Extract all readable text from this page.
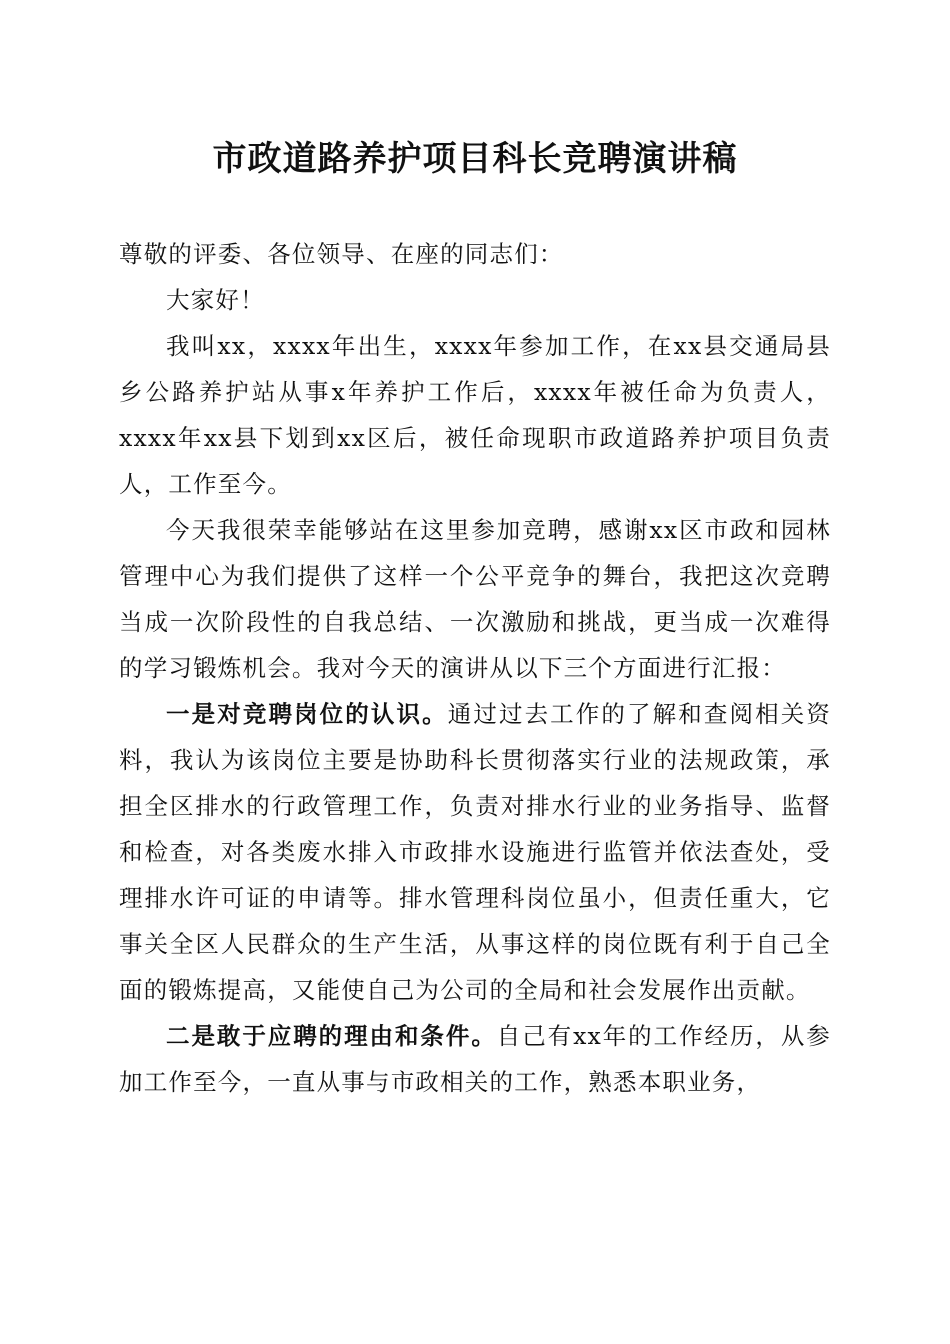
市政道路养护项目科长竞聘演讲稿

尊敬的评委、各位领导、在座的同志们：

大家好！

我叫xx，xxxx年出生，xxxx年参加工作，在xx县交通局县乡公路养护站从事x年养护工作后，xxxx年被任命为负责人，xxxx年xx县下划到xx区后，被任命现职市政道路养护项目负责人，工作至今。

今天我很荣幸能够站在这里参加竞聘，感谢xx区市政和园林管理中心为我们提供了这样一个公平竞争的舞台，我把这次竞聘当成一次阶段性的自我总结、一次激励和挑战，更当成一次难得的学习锻炼机会。我对今天的演讲从以下三个方面进行汇报：

一是对竞聘岗位的认识。通过过去工作的了解和查阅相关资料，我认为该岗位主要是协助科长贯彻落实行业的法规政策，承担全区排水的行政管理工作，负责对排水行业的业务指导、监督和检查，对各类废水排入市政排水设施进行监管并依法查处，受理排水许可证的申请等。排水管理科岗位虽小，但责任重大，它事关全区人民群众的生产生活，从事这样的岗位既有利于自己全面的锻炼提高，又能使自己为公司的全局和社会发展作出贡献。

二是敢于应聘的理由和条件。自己有xx年的工作经历，从参加工作至今，一直从事与市政相关的工作，熟悉本职业务，
